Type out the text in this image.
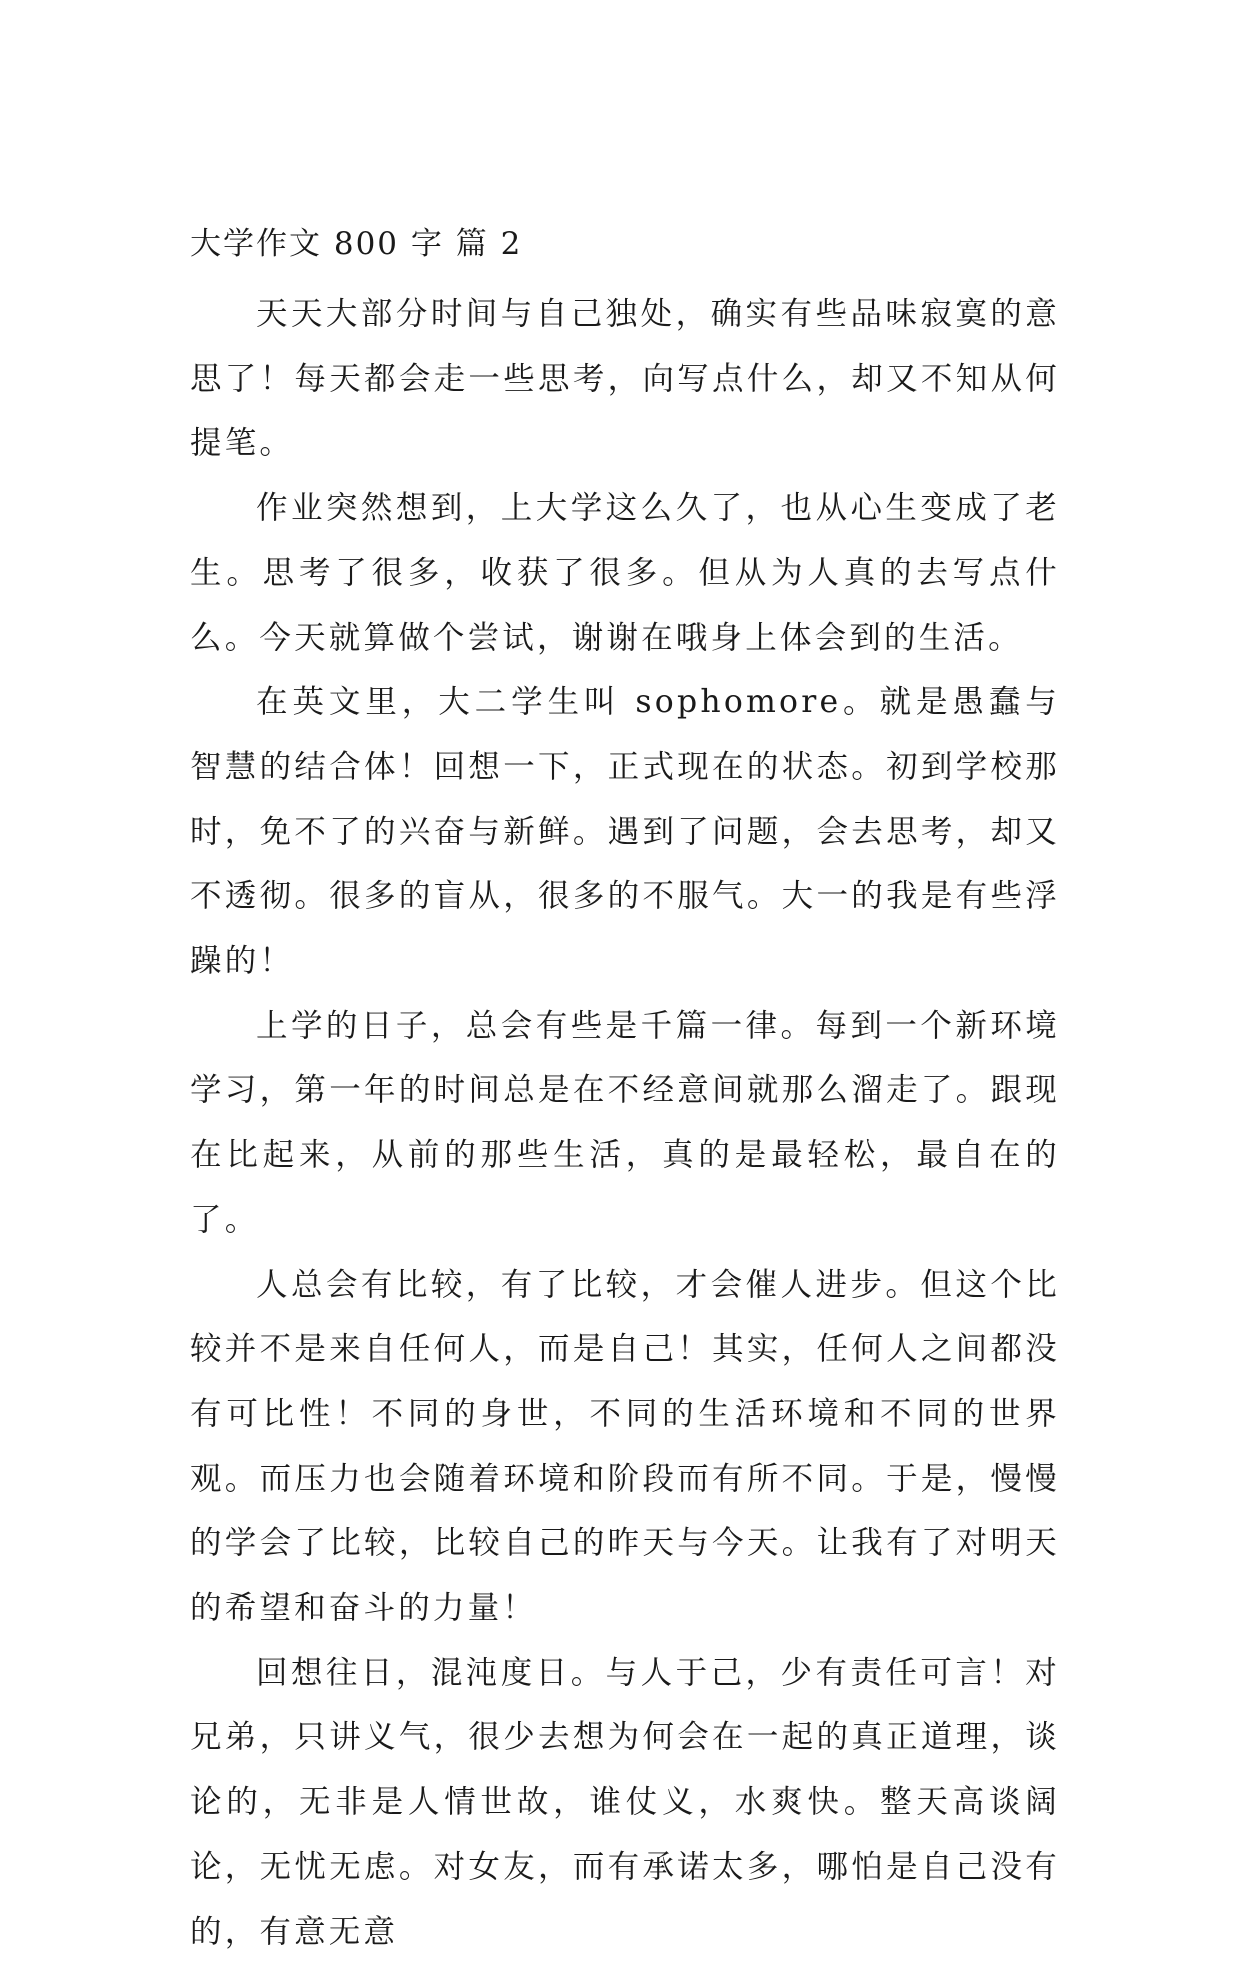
大学作文 800 字 篇 2

天天大部分时间与自己独处，确实有些品味寂寞的意思了！每天都会走一些思考，向写点什么，却又不知从何提笔。

作业突然想到，上大学这么久了，也从心生变成了老生。思考了很多，收获了很多。但从为人真的去写点什么。今天就算做个尝试，谢谢在哦身上体会到的生活。

在英文里，大二学生叫 sophomore。就是愚蠢与智慧的结合体！回想一下，正式现在的状态。初到学校那时，免不了的兴奋与新鲜。遇到了问题，会去思考，却又不透彻。很多的盲从，很多的不服气。大一的我是有些浮躁的！

上学的日子，总会有些是千篇一律。每到一个新环境学习，第一年的时间总是在不经意间就那么溜走了。跟现在比起来，从前的那些生活，真的是最轻松，最自在的了。

人总会有比较，有了比较，才会催人进步。但这个比较并不是来自任何人，而是自己！其实，任何人之间都没有可比性！不同的身世，不同的生活环境和不同的世界观。而压力也会随着环境和阶段而有所不同。于是，慢慢的学会了比较，比较自己的昨天与今天。让我有了对明天的希望和奋斗的力量！

回想往日，混沌度日。与人于己，少有责任可言！对兄弟，只讲义气，很少去想为何会在一起的真正道理，谈论的，无非是人情世故，谁仗义，水爽快。整天高谈阔论，无忧无虑。对女友，而有承诺太多，哪怕是自己没有的，有意无意
